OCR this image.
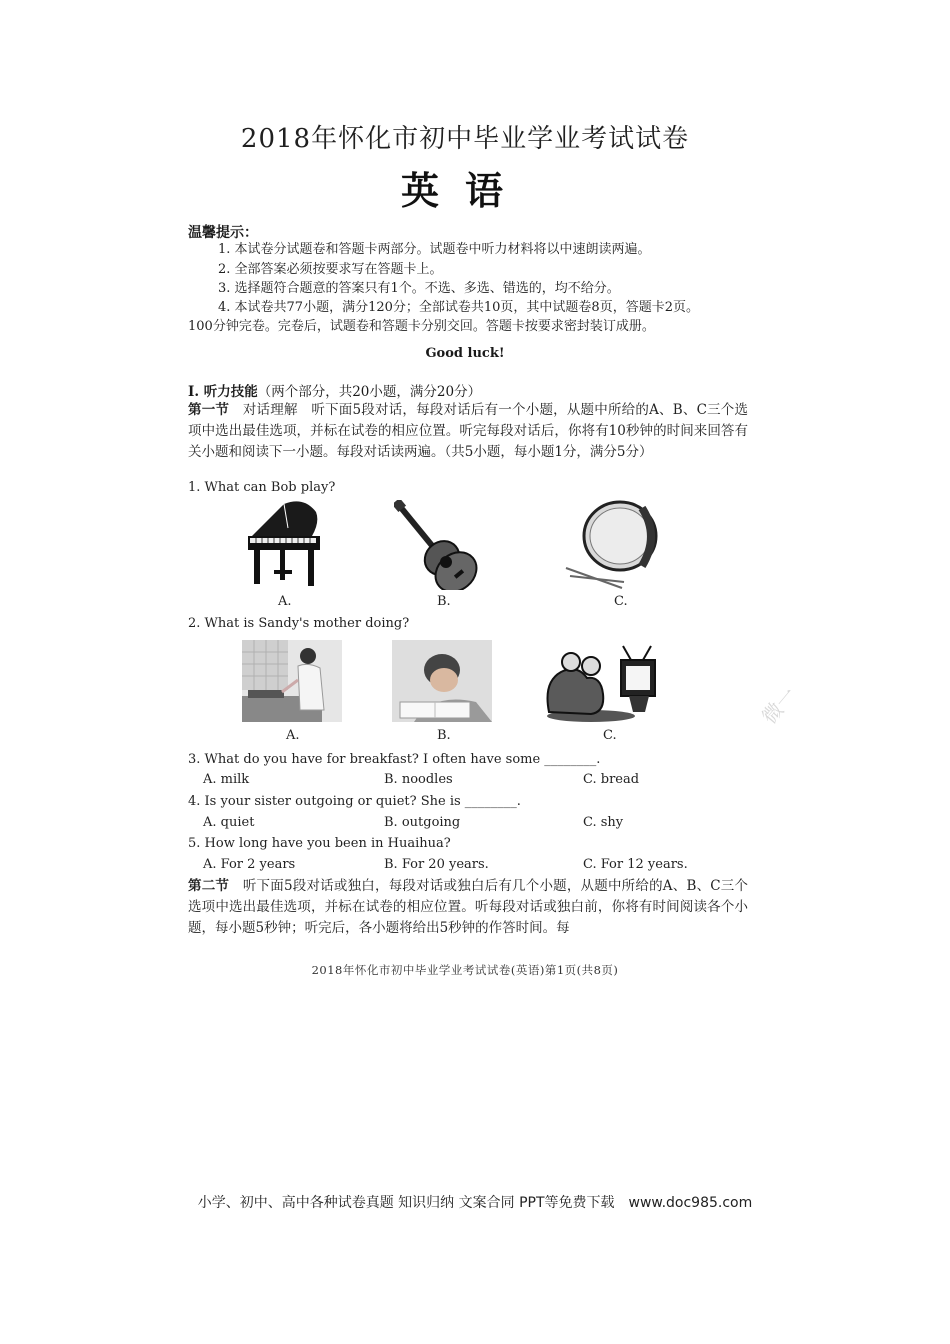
2018年怀化市初中毕业学业考试试卷
英语
温馨提示：
1. 本试卷分试题卷和答题卡两部分。试题卷中听力材料将以中速朗读两遍。
2. 全部答案必须按要求写在答题卡上。
3. 选择题符合题意的答案只有1个。不选、多选、错选的，均不给分。
4. 本试卷共77小题，满分120分；全部试卷共10页，其中试题卷8页，答题卡2页。
100分钟完卷。完卷后，试题卷和答题卡分别交回。答题卡按要求密封装订成册。
Good luck!
I. 听力技能（两个部分，共20小题，满分20分）
第一节　 对话理解　听下面5段对话，每段对话后有一个小题，从题中所给的A、B、C三个选项中选出最佳选项，并标在试卷的相应位置。听完每段对话后，你将有10秒钟的时间来回答有关小题和阅读下一小题。每段对话读两遍。（共5小题，每小题1分，满分5分）
1. What can Bob play?
A.	B.	C.
2. What is Sandy's mother doing?
A.	B.	C.
3. What do you have for breakfast? I often have some ________.
A. milk	B. noodles	C. bread
4. Is your sister outgoing or quiet? She is ________.
A. quiet	B. outgoing	C. shy
5. How long have you been in Huaihua?
A. For 2 years	B. For 20 years.	C. For 12 years.
第二节　 听下面5段对话或独白，每段对话或独白后有几个小题，从题中所给的A、B、C三个选项中选出最佳选项，并标在试卷的相应位置。听每段对话或独白前，你将有时间阅读各个小题，每小题5秒钟；听完后，各小题将给出5秒钟的作答时间。每
2018年怀化市初中毕业学业考试试卷(英语)第1页(共8页)
微一
小学、初中、高中各种试卷真题 知识归纳 文案合同 PPT等免费下载　www.doc985.com
